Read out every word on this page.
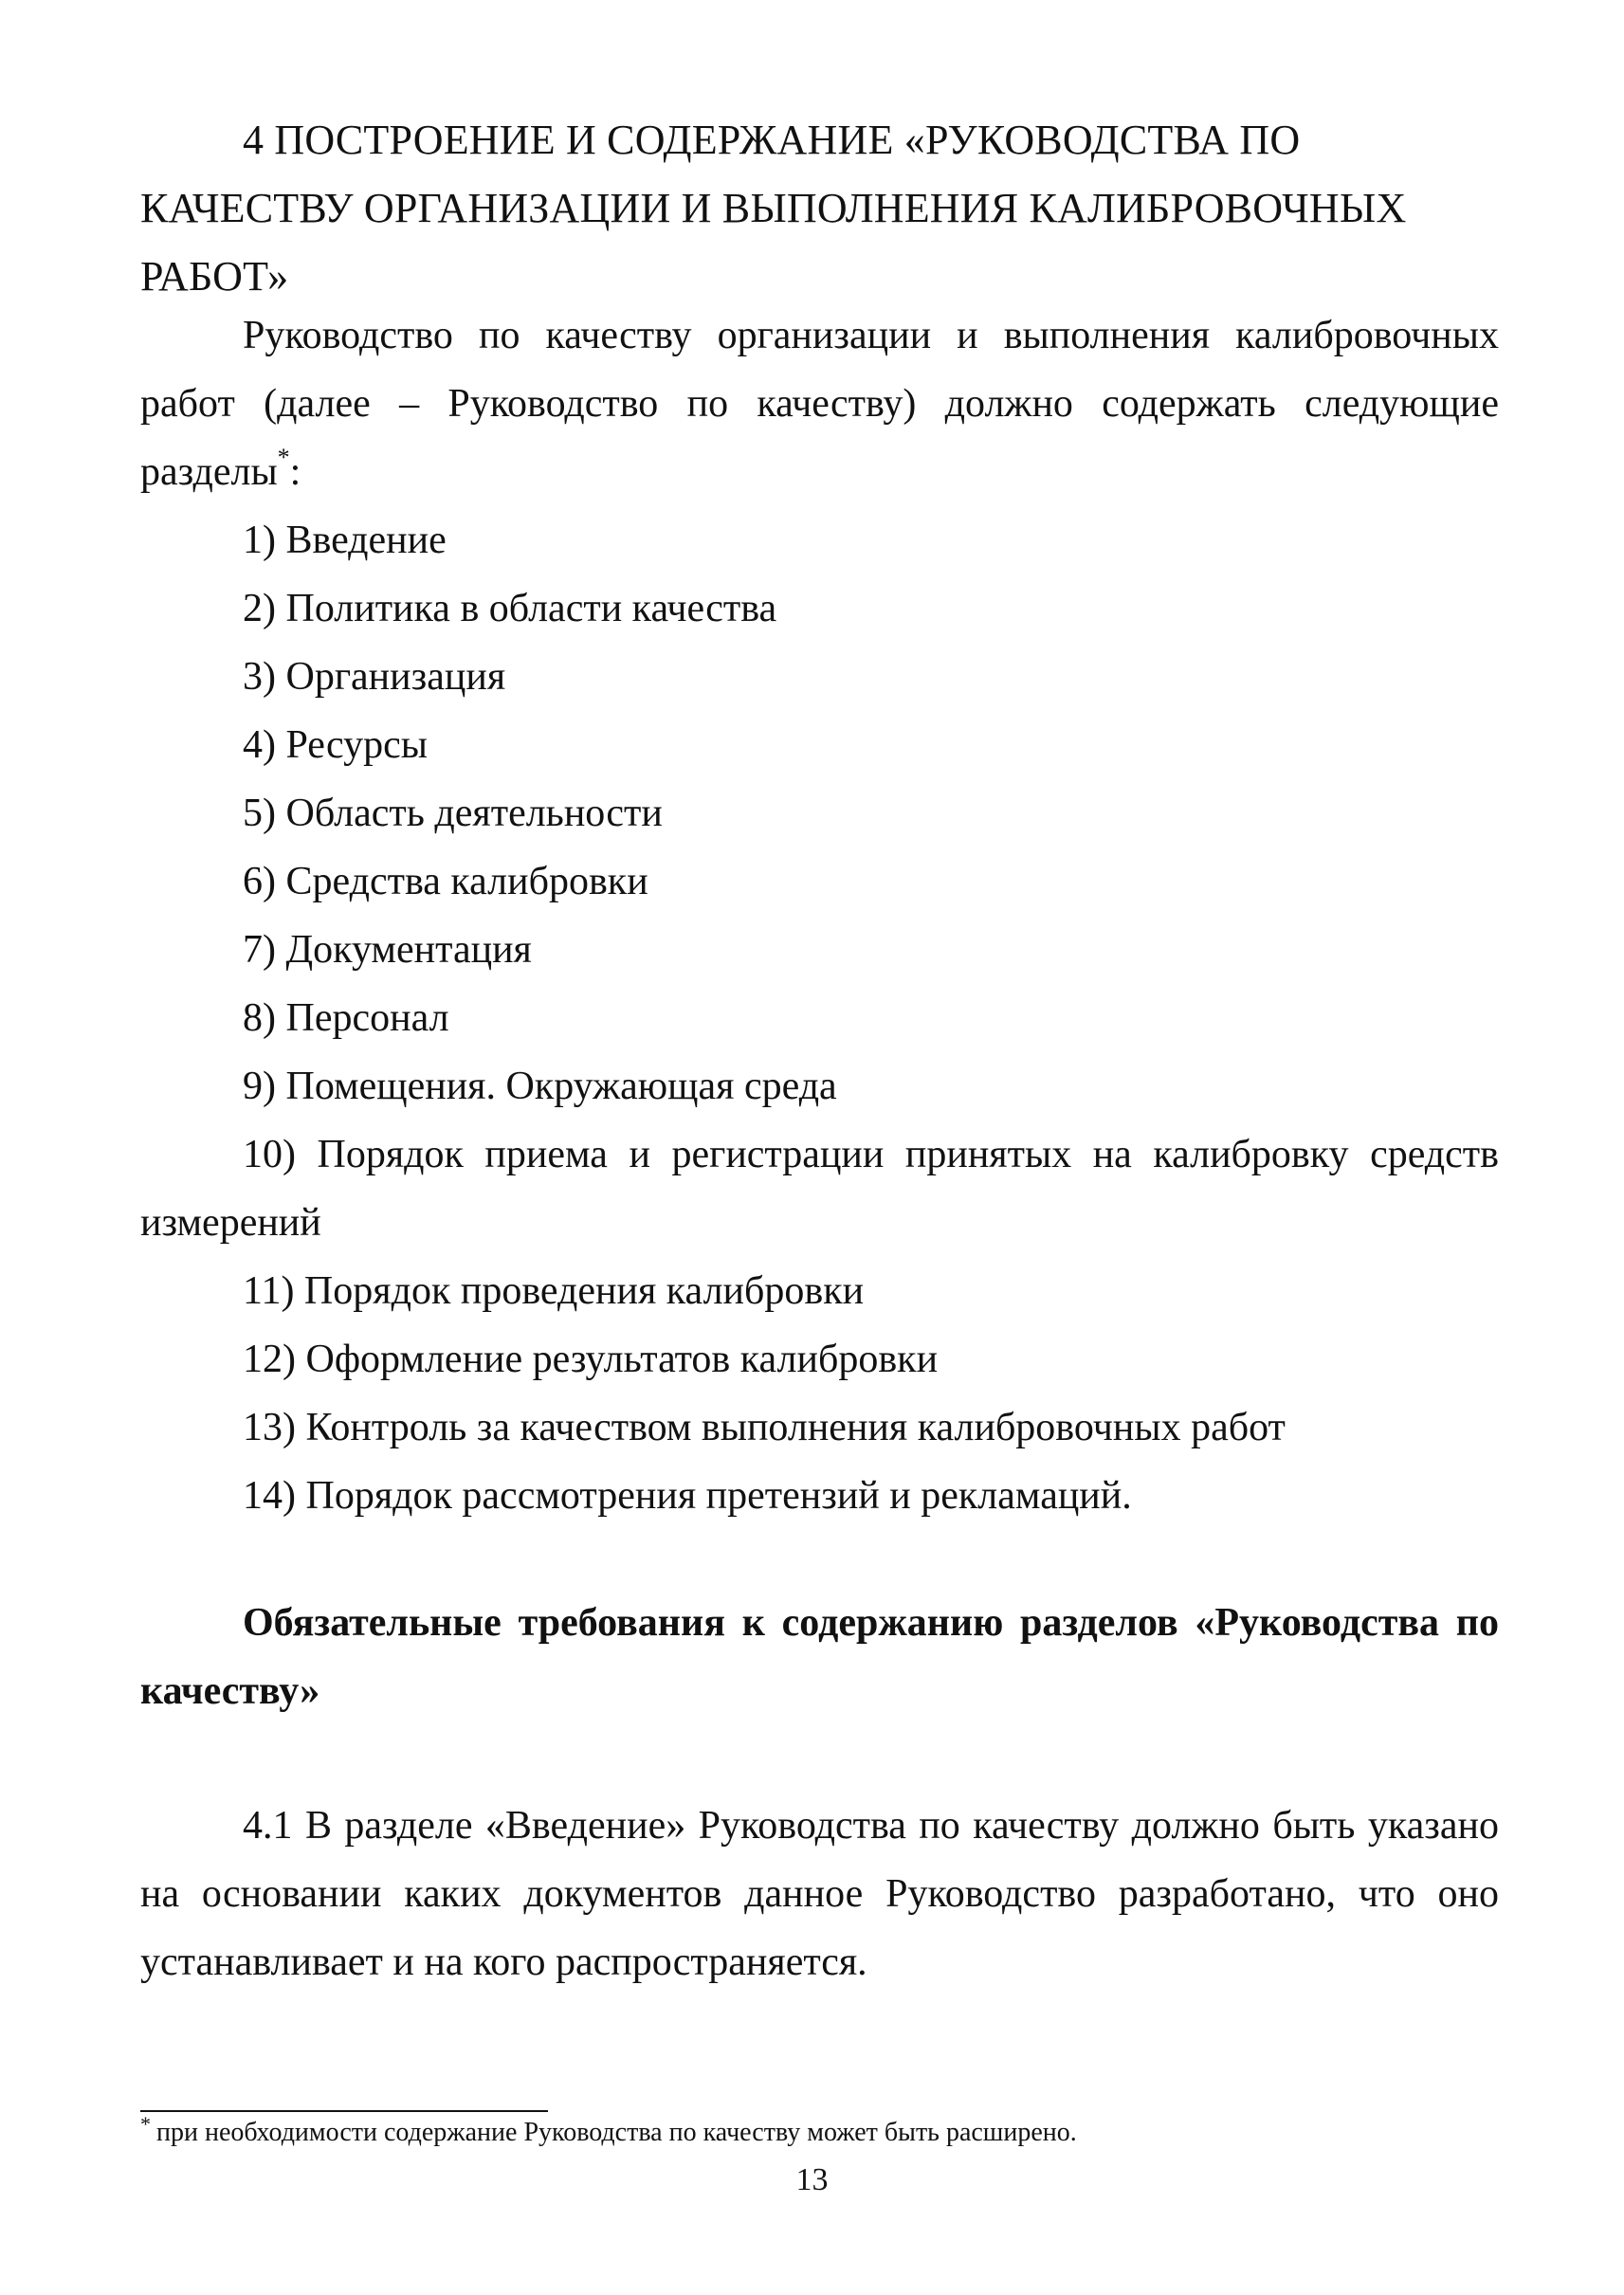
4 ПОСТРОЕНИЕ И СОДЕРЖАНИЕ «РУКОВОДСТВА ПО КАЧЕСТВУ ОРГАНИЗАЦИИ И ВЫПОЛНЕНИЯ КАЛИБРОВОЧНЫХ РАБОТ»
Руководство по качеству организации и выполнения калибровочных работ (далее – Руководство по качеству) должно содержать следующие разделы*:
1) Введение
2) Политика в области качества
3) Организация
4) Ресурсы
5) Область деятельности
6) Средства калибровки
7) Документация
8) Персонал
9) Помещения. Окружающая среда
10) Порядок приема и регистрации принятых на калибровку средств измерений
11) Порядок проведения калибровки
12) Оформление результатов калибровки
13) Контроль за качеством выполнения калибровочных работ
14) Порядок рассмотрения претензий и рекламаций.
Обязательные требования к содержанию разделов «Руководства по качеству»
4.1 В разделе «Введение» Руководства по качеству должно быть указано на основании каких документов данное Руководство разработано, что оно устанавливает и на кого распространяется.
* при необходимости содержание Руководства по качеству может быть расширено.
13
